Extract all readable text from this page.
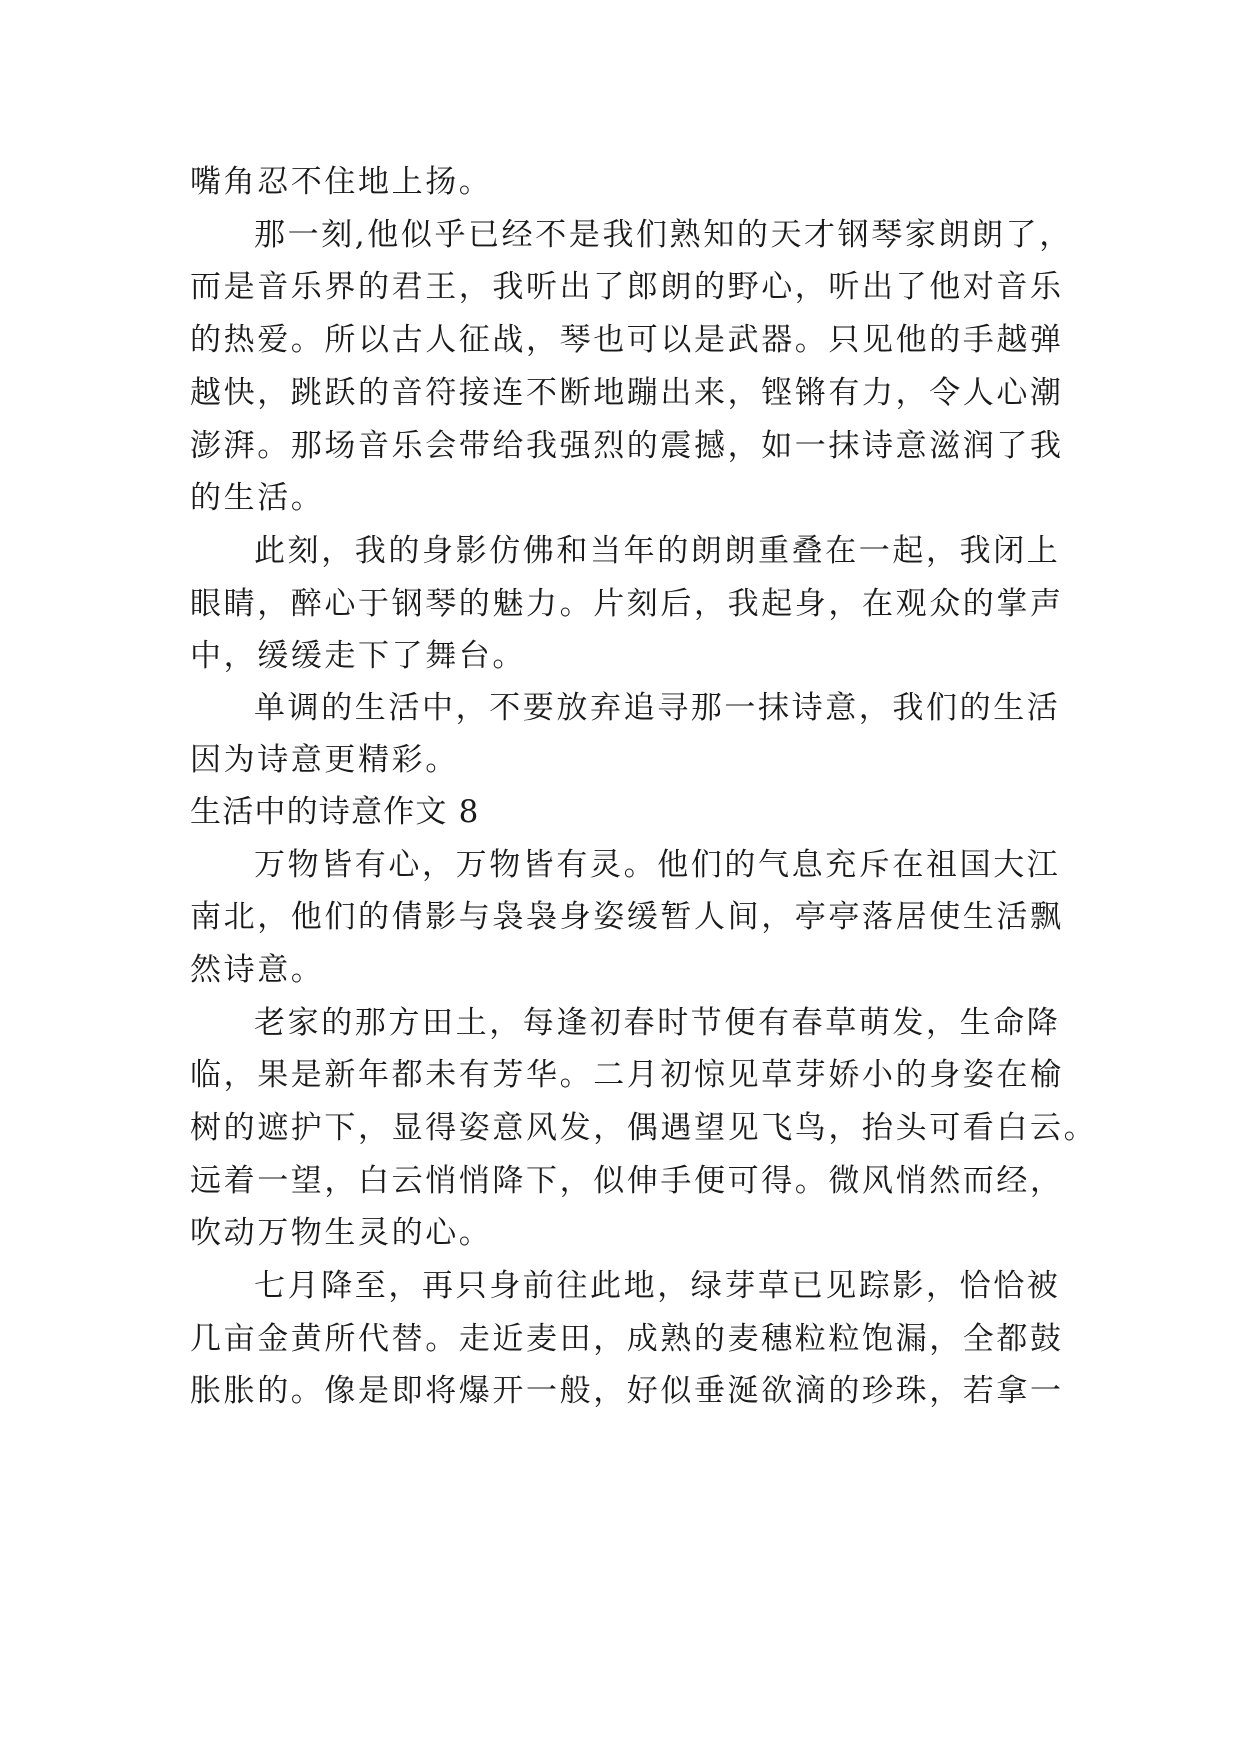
嘴角忍不住地上扬。

那一刻,他似乎已经不是我们熟知的天才钢琴家朗朗了，

而是音乐界的君王，我听出了郎朗的野心，听出了他对音乐

的热爱。所以古人征战，琴也可以是武器。只见他的手越弹

越快，跳跃的音符接连不断地蹦出来，铿锵有力，令人心潮

澎湃。那场音乐会带给我强烈的震撼，如一抹诗意滋润了我

的生活。

此刻，我的身影仿佛和当年的朗朗重叠在一起，我闭上

眼睛，醉心于钢琴的魅力。片刻后，我起身，在观众的掌声

中，缓缓走下了舞台。

单调的生活中，不要放弃追寻那一抹诗意，我们的生活

因为诗意更精彩。

生活中的诗意作文 8

万物皆有心，万物皆有灵。他们的气息充斥在祖国大江

南北，他们的倩影与袅袅身姿缓暂人间，亭亭落居使生活飘

然诗意。

老家的那方田土，每逢初春时节便有春草萌发，生命降

临，果是新年都未有芳华。二月初惊见草芽娇小的身姿在榆

树的遮护下，显得姿意风发，偶遇望见飞鸟，抬头可看白云。

远着一望，白云悄悄降下，似伸手便可得。微风悄然而经，

吹动万物生灵的心。

七月降至，再只身前往此地，绿芽草已见踪影，恰恰被

几亩金黄所代替。走近麦田，成熟的麦穗粒粒饱漏，全都鼓

胀胀的。像是即将爆开一般，好似垂涎欲滴的珍珠，若拿一
